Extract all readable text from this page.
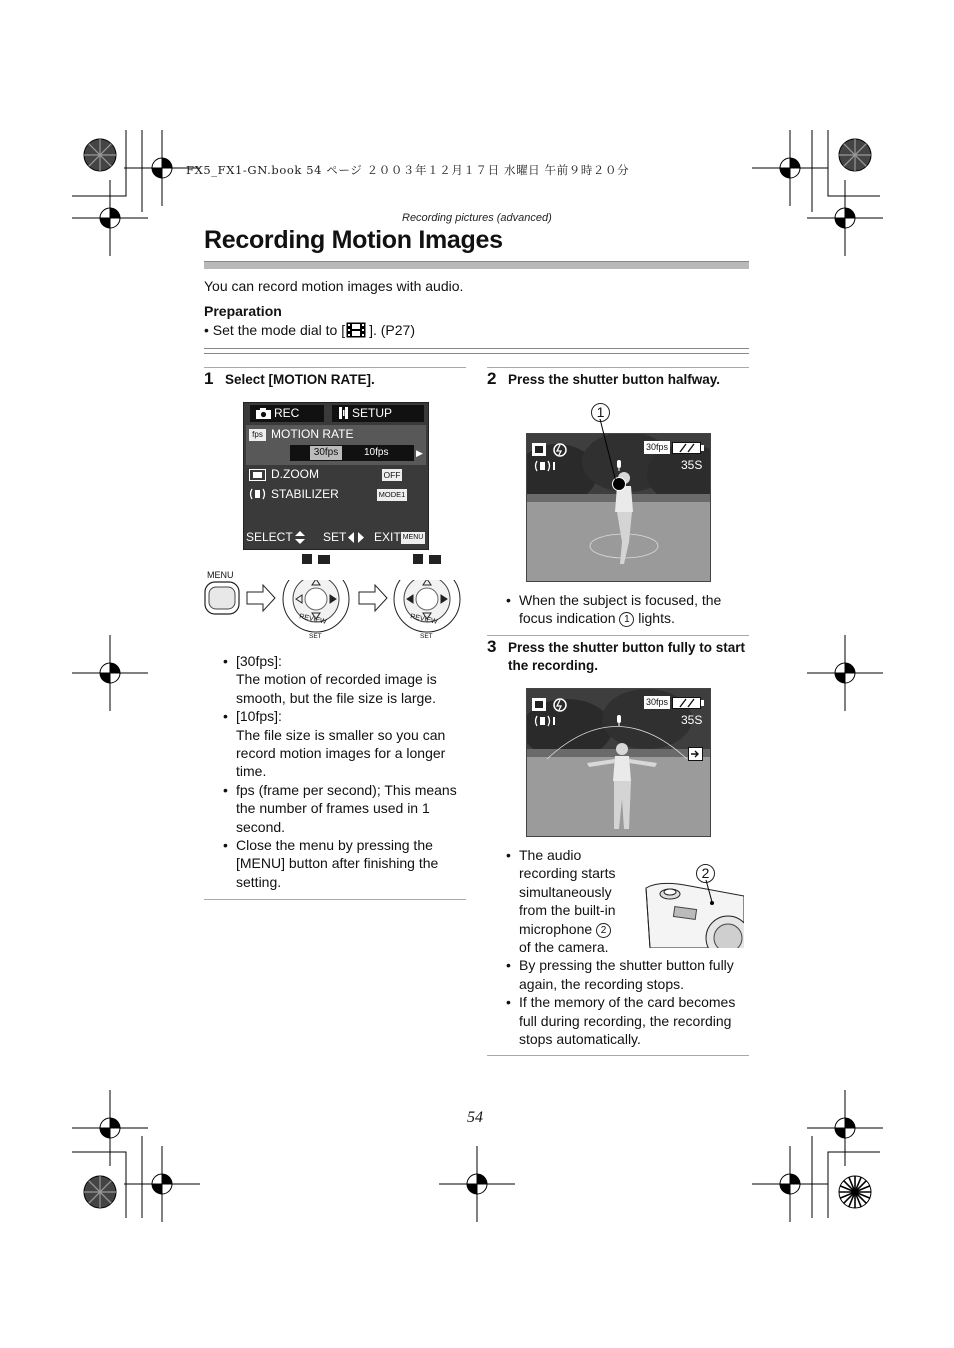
FX5_FX1-GN.book 54 ページ ２００３年１２月１７日 水曜日 午前９時２０分
Recording pictures (advanced)
Recording Motion Images
You can record motion images with audio.
Preparation
• Set the mode dial to [ ]. (P27)
1 Select [MOTION RATE].
REC	SETUP
fps MOTION RATE
30fps	10fps	▶
D.ZOOM	OFF
STABILIZER	MODE1
SELECT	SET EXIT MENU
MENU
REVIEW
SET
REVIEW
SET
• [30fps]:
The motion of recorded image is smooth, but the file size is large.
• [10fps]:
The file size is smaller so you can record motion images for a longer time.
• fps (frame per second); This means the number of frames used in 1 second.
• Close the menu by pressing the [MENU] button after finishing the setting.
2 Press the shutter button halfway.
1
30fps
35S
• When the subject is focused, the focus indication 1 lights.
3 Press the shutter button fully to start the recording.
30fps
35S
• The audio
recording starts
simultaneously
from the built-in
microphone 2
of the camera.
• By pressing the shutter button fully again, the recording stops.
• If the memory of the card becomes full during recording, the recording stops automatically.
2
54
